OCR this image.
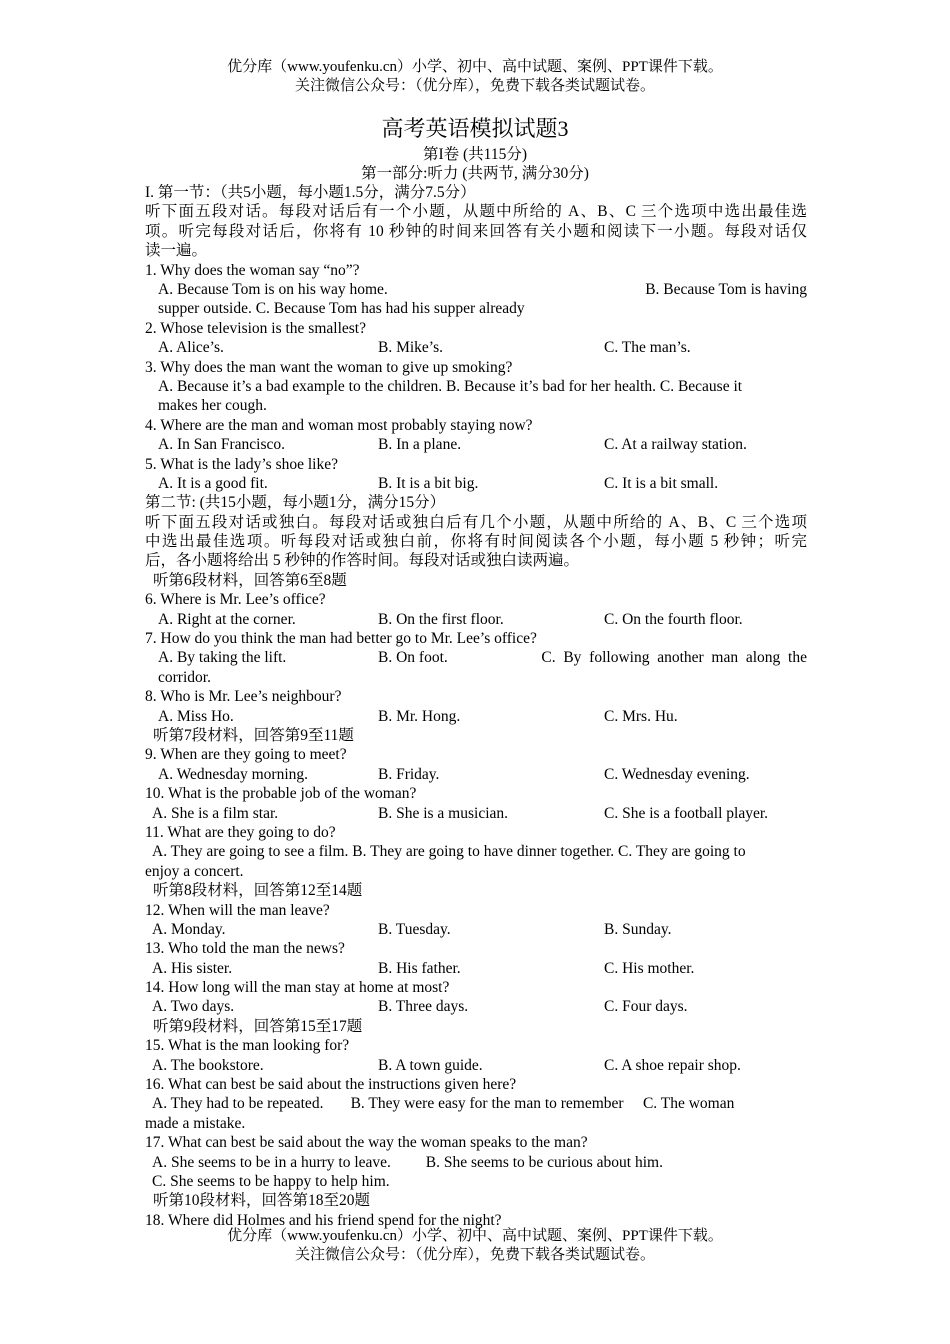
优分库（www.youfenku.cn）小学、初中、高中试题、案例、PPT课件下载。
关注微信公众号：（优分库），免费下载各类试题试卷。
高考英语模拟试题3
第I卷 (共115分)
第一部分:听力 (共两节, 满分30分)
I. 第一节：（共5小题，每小题1.5分，满分7.5分）
听下面五段对话。每段对话后有一个小题，从题中所给的 A、B、C 三个选项中选出最佳选
项。听完每段对话后，你将有 10 秒钟的时间来回答有关小题和阅读下一小题。每段对话仅
读一遍。
1. Why does the woman say “no”?
A. Because Tom is on his way home.	B. Because Tom is having
supper outside. C. Because Tom has had his supper already
2. Whose television is the smallest?
A. Alice’s.	B. Mike’s.	C. The man’s.
3. Why does the man want the woman to give up smoking?
A. Because it’s a bad example to the children. B. Because it’s bad for her health. C. Because it
makes her cough.
4. Where are the man and woman most probably staying now?
A. In San Francisco.	B. In a plane.	C. At a railway station.
5. What is the lady’s shoe like?
A. It is a good fit.	B. It is a bit big.	C. It is a bit small.
第二节: (共15小题，每小题1分，满分15分）
听下面五段对话或独白。每段对话或独白后有几个小题，从题中所给的 A、B、C 三个选项
中选出最佳选项。听每段对话或独白前，你将有时间阅读各个小题，每小题 5 秒钟；听完
后，各小题将给出 5 秒钟的作答时间。每段对话或独白读两遍。
听第6段材料，回答第6至8题
6. Where is Mr. Lee’s office?
A. Right at the corner.	B. On the first floor.	C. On the fourth floor.
7. How do you think the man had better go to Mr. Lee’s office?
A. By taking the lift.	B. On foot.	C.  By  following  another  man  along  the
corridor.
8. Who is Mr. Lee’s neighbour?
A. Miss Ho.	B. Mr. Hong.	C. Mrs. Hu.
听第7段材料，回答第9至11题
9. When are they going to meet?
A. Wednesday morning.	B. Friday.	C. Wednesday evening.
10. What is the probable job of the woman?
A. She is a film star.	B. She is a musician.	C. She is a football player.
11. What are they going to do?
A. They are going to see a film. B. They are going to have dinner together. C. They are going to
enjoy a concert.
听第8段材料，回答第12至14题
12. When will the man leave?
A. Monday.	B. Tuesday.	B. Sunday.
13. Who told the man the news?
A. His sister.	B. His father.	C. His mother.
14. How long will the man stay at home at most?
A. Two days.	B. Three days.	C. Four days.
听第9段材料，回答第15至17题
15. What is the man looking for?
A. The bookstore.	B. A town guide.	C. A shoe repair shop.
16. What can best be said about the instructions given here?
A. They had to be repeated.       B. They were easy for the man to remember     C. The woman
made a mistake.
17. What can best be said about the way the woman speaks to the man?
A. She seems to be in a hurry to leave.         B. She seems to be curious about him.
C. She seems to be happy to help him.
听第10段材料，回答第18至20题
18. Where did Holmes and his friend spend for the night?
优分库（www.youfenku.cn）小学、初中、高中试题、案例、PPT课件下载。
关注微信公众号：（优分库），免费下载各类试题试卷。
